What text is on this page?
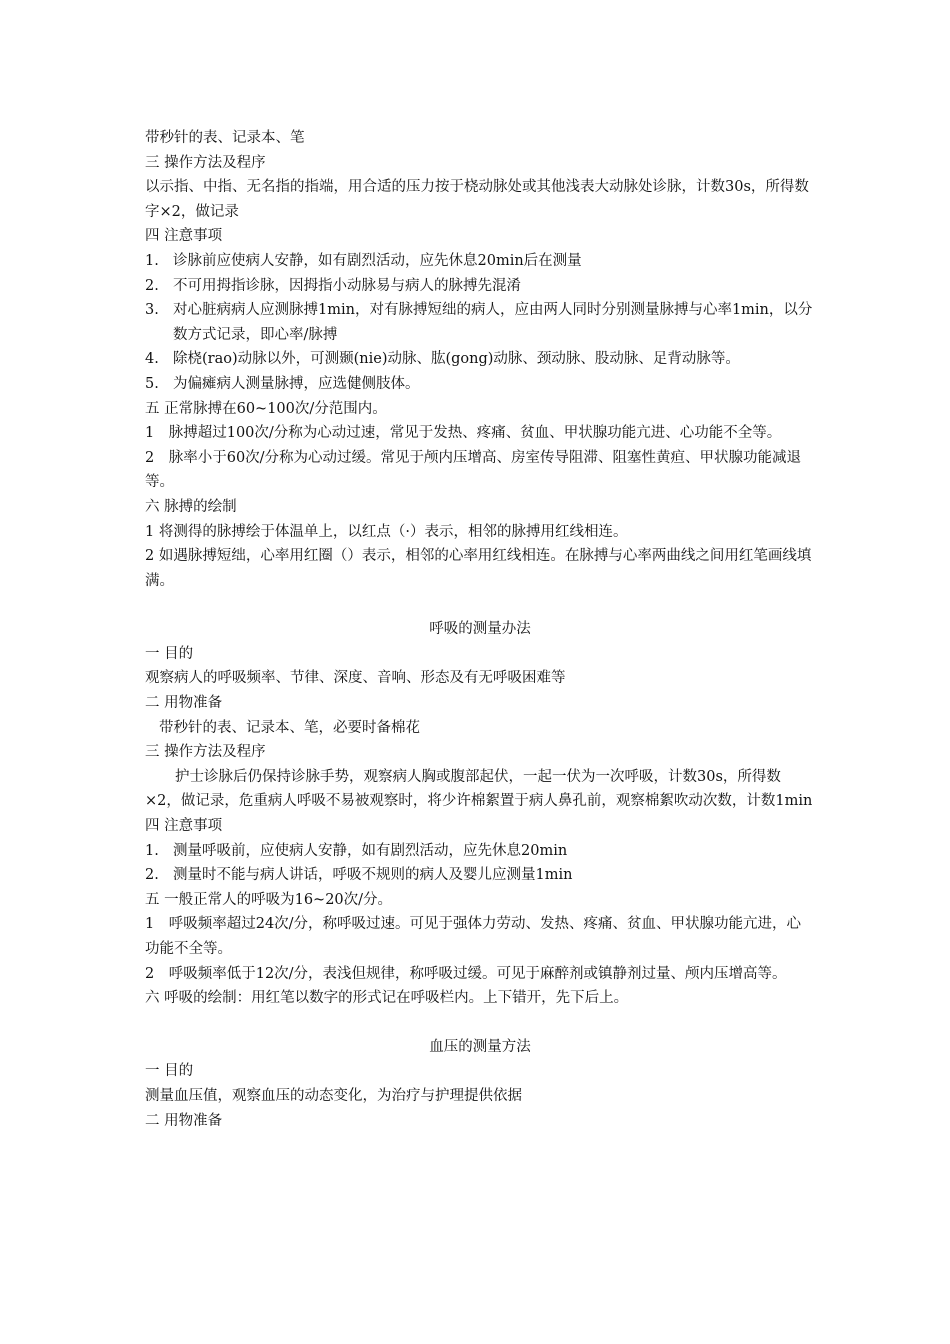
带秒针的表、记录本、笔
三 操作方法及程序
以示指、中指、无名指的指端，用合适的压力按于桡动脉处或其他浅表大动脉处诊脉，计数30s，所得数字×2，做记录
四 注意事项
1. 诊脉前应使病人安静，如有剧烈活动，应先休息20min后在测量
2. 不可用拇指诊脉，因拇指小动脉易与病人的脉搏先混淆
3. 对心脏病病人应测脉搏1min，对有脉搏短绌的病人，应由两人同时分别测量脉搏与心率1min，以分数方式记录，即心率/脉搏
4. 除桡(rao)动脉以外，可测颞(nie)动脉、肱(gong)动脉、颈动脉、股动脉、足背动脉等。
5. 为偏瘫病人测量脉搏，应选健侧肢体。
五 正常脉搏在60~100次/分范围内。
1　脉搏超过100次/分称为心动过速，常见于发热、疼痛、贫血、甲状腺功能亢进、心功能不全等。
2　脉率小于60次/分称为心动过缓。常见于颅内压增高、房室传导阻滞、阻塞性黄疸、甲状腺功能减退等。
六 脉搏的绘制
1 将测得的脉搏绘于体温单上，以红点（·）表示，相邻的脉搏用红线相连。
2 如遇脉搏短绌，心率用红圈（）表示，相邻的心率用红线相连。在脉搏与心率两曲线之间用红笔画线填满。
呼吸的测量办法
一 目的
观察病人的呼吸频率、节律、深度、音响、形态及有无呼吸困难等
二 用物准备
带秒针的表、记录本、笔，必要时备棉花
三 操作方法及程序
护士诊脉后仍保持诊脉手势，观察病人胸或腹部起伏，一起一伏为一次呼吸，计数30s，所得数×2，做记录，危重病人呼吸不易被观察时，将少许棉絮置于病人鼻孔前，观察棉絮吹动次数，计数1min
四 注意事项
1. 测量呼吸前，应使病人安静，如有剧烈活动，应先休息20min
2. 测量时不能与病人讲话，呼吸不规则的病人及婴儿应测量1min
五 一般正常人的呼吸为16~20次/分。
1　呼吸频率超过24次/分，称呼吸过速。可见于强体力劳动、发热、疼痛、贫血、甲状腺功能亢进，心功能不全等。
2　呼吸频率低于12次/分，表浅但规律，称呼吸过缓。可见于麻醉剂或镇静剂过量、颅内压增高等。
六 呼吸的绘制：用红笔以数字的形式记在呼吸栏内。上下错开，先下后上。
血压的测量方法
一 目的
测量血压值，观察血压的动态变化，为治疗与护理提供依据
二 用物准备
